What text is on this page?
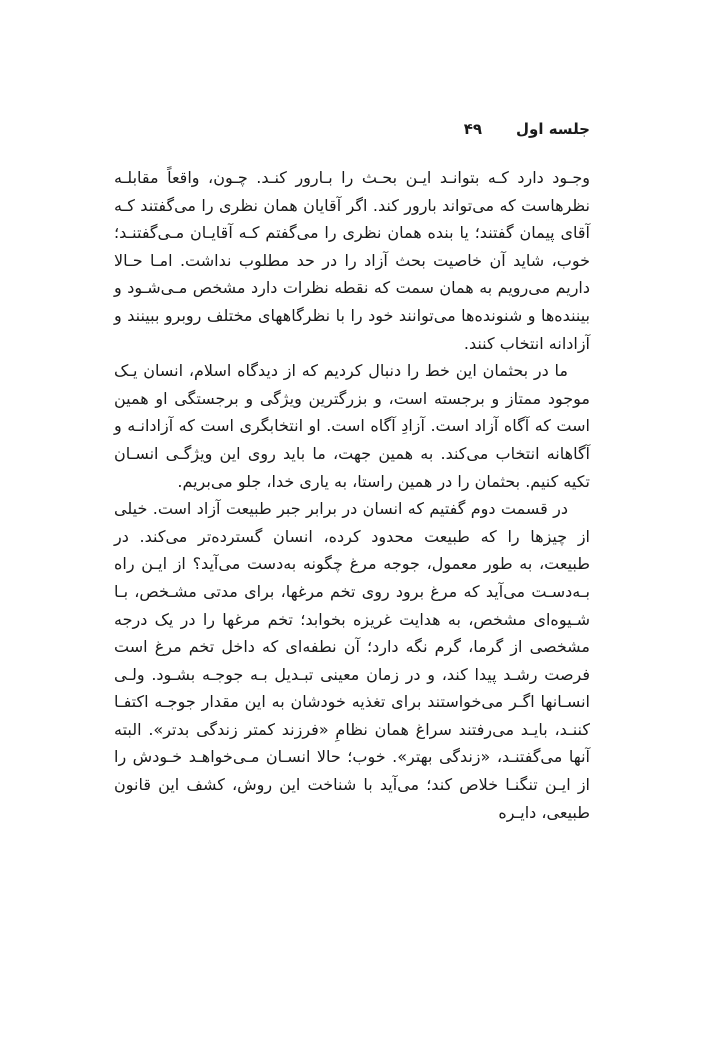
جلسه اول
۴۹

وجـود دارد کـه بتوانـد ایـن بحـث را بـارور کنـد. چـون، واقعاً مقابلـه نظرهاست که می‌تواند بارور کند. اگر آقایان همان نظری را می‌گفتند کـه آقای پیمان گفتند؛ یا بنده همان نظری را می‌گفتم کـه آقایـان مـی‌گفتنـد؛ خوب، شاید آن خاصیت بحث آزاد را در حد مطلوب نداشت. امـا حـالا داریم می‌رویم به همان سمت که نقطه نظرات دارد مشخص مـی‌شـود و بیننده‌ها و شنونده‌ها می‌توانند خود را با نظرگاههای مختلف روبرو ببینند و آزادانه انتخاب کنند.

ما در بحثمان این خط را دنبال کردیم که از دیدگاه اسلام، انسان یـک موجود ممتاز و برجسته است، و بزرگترین ویژگی و برجستگی او همین است که آگاه آزاد است. آزادِ آگاه است. او انتخابگری است که آزادانـه و آگاهانه انتخاب می‌کند. به همین جهت، ما باید روی این ویژگـی انسـان تکیه کنیم. بحثمان را در همین راستا، به یاری خدا، جلو می‌بریم.

در قسمت دوم گفتیم که انسان در برابر جبر طبیعت آزاد است. خیلی از چیزها را که طبیعت محدود کرده، انسان گسترده‌تر می‌کند. در طبیعت، به طور معمول، جوجه مرغ چگونه به‌دست می‌آید؟ از ایـن راه بـه‌دسـت می‌آید که مرغ برود روی تخم مرغها، برای مدتی مشـخص، بـا شـیوه‌ای مشخص، به هدایت غریزه بخوابد؛ تخم مرغها را در یک درجه مشخصی از گرما، گرم نگه دارد؛ آن نطفه‌ای که داخل تخم مرغ است فرصت رشـد پیدا کند، و در زمان معینی تبـدیل بـه جوجـه بشـود. ولـی انسـانها اگـر می‌خواستند برای تغذیه خودشان به این مقدار جوجـه اکتفـا کننـد، بایـد می‌رفتند سراغ همان نظامِ «فرزند کمتر زندگی بدتر». البته آنها می‌گفتنـد، «زندگی بهتر». خوب؛ حالا انسـان مـی‌خواهـد خـودش را از ایـن تنگنـا خلاص کند؛ می‌آید با شناخت این روش، کشف این قانون طبیعی، دایـره
